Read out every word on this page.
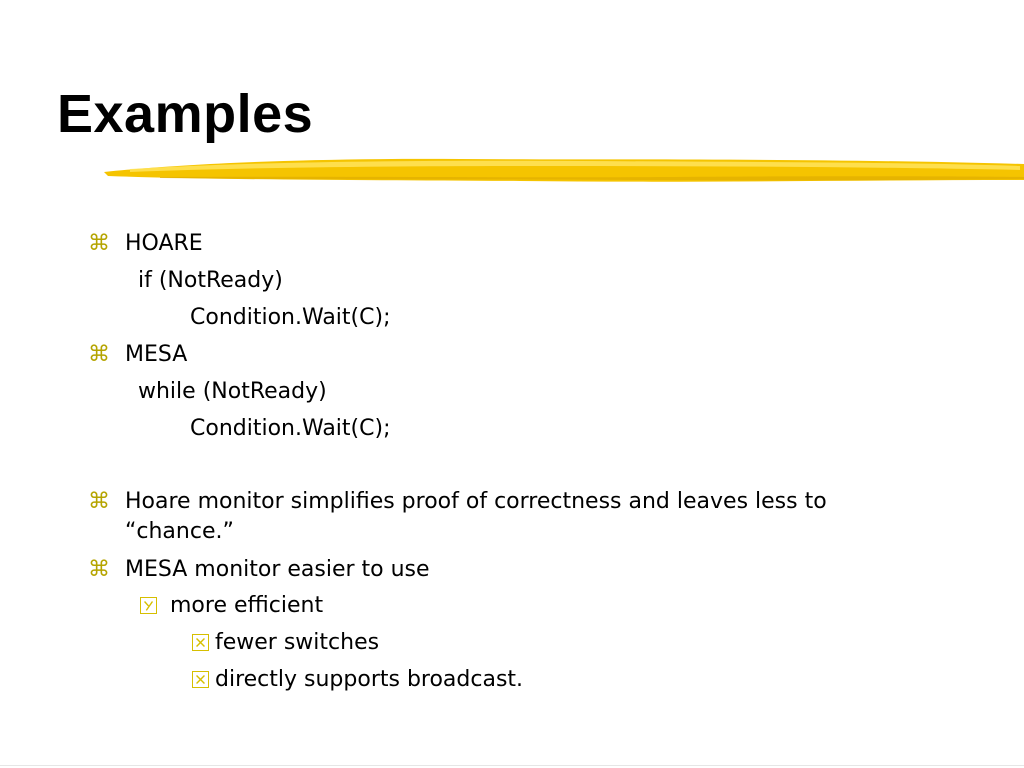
Examples
⌘ HOARE
if (NotReady)
Condition.Wait(C);
⌘ MESA
while (NotReady)
Condition.Wait(C);
⌘ Hoare monitor simplifies proof of correctness and leaves less to
“chance.”
⌘ MESA monitor easier to use
more efficient
fewer switches
directly supports broadcast.
